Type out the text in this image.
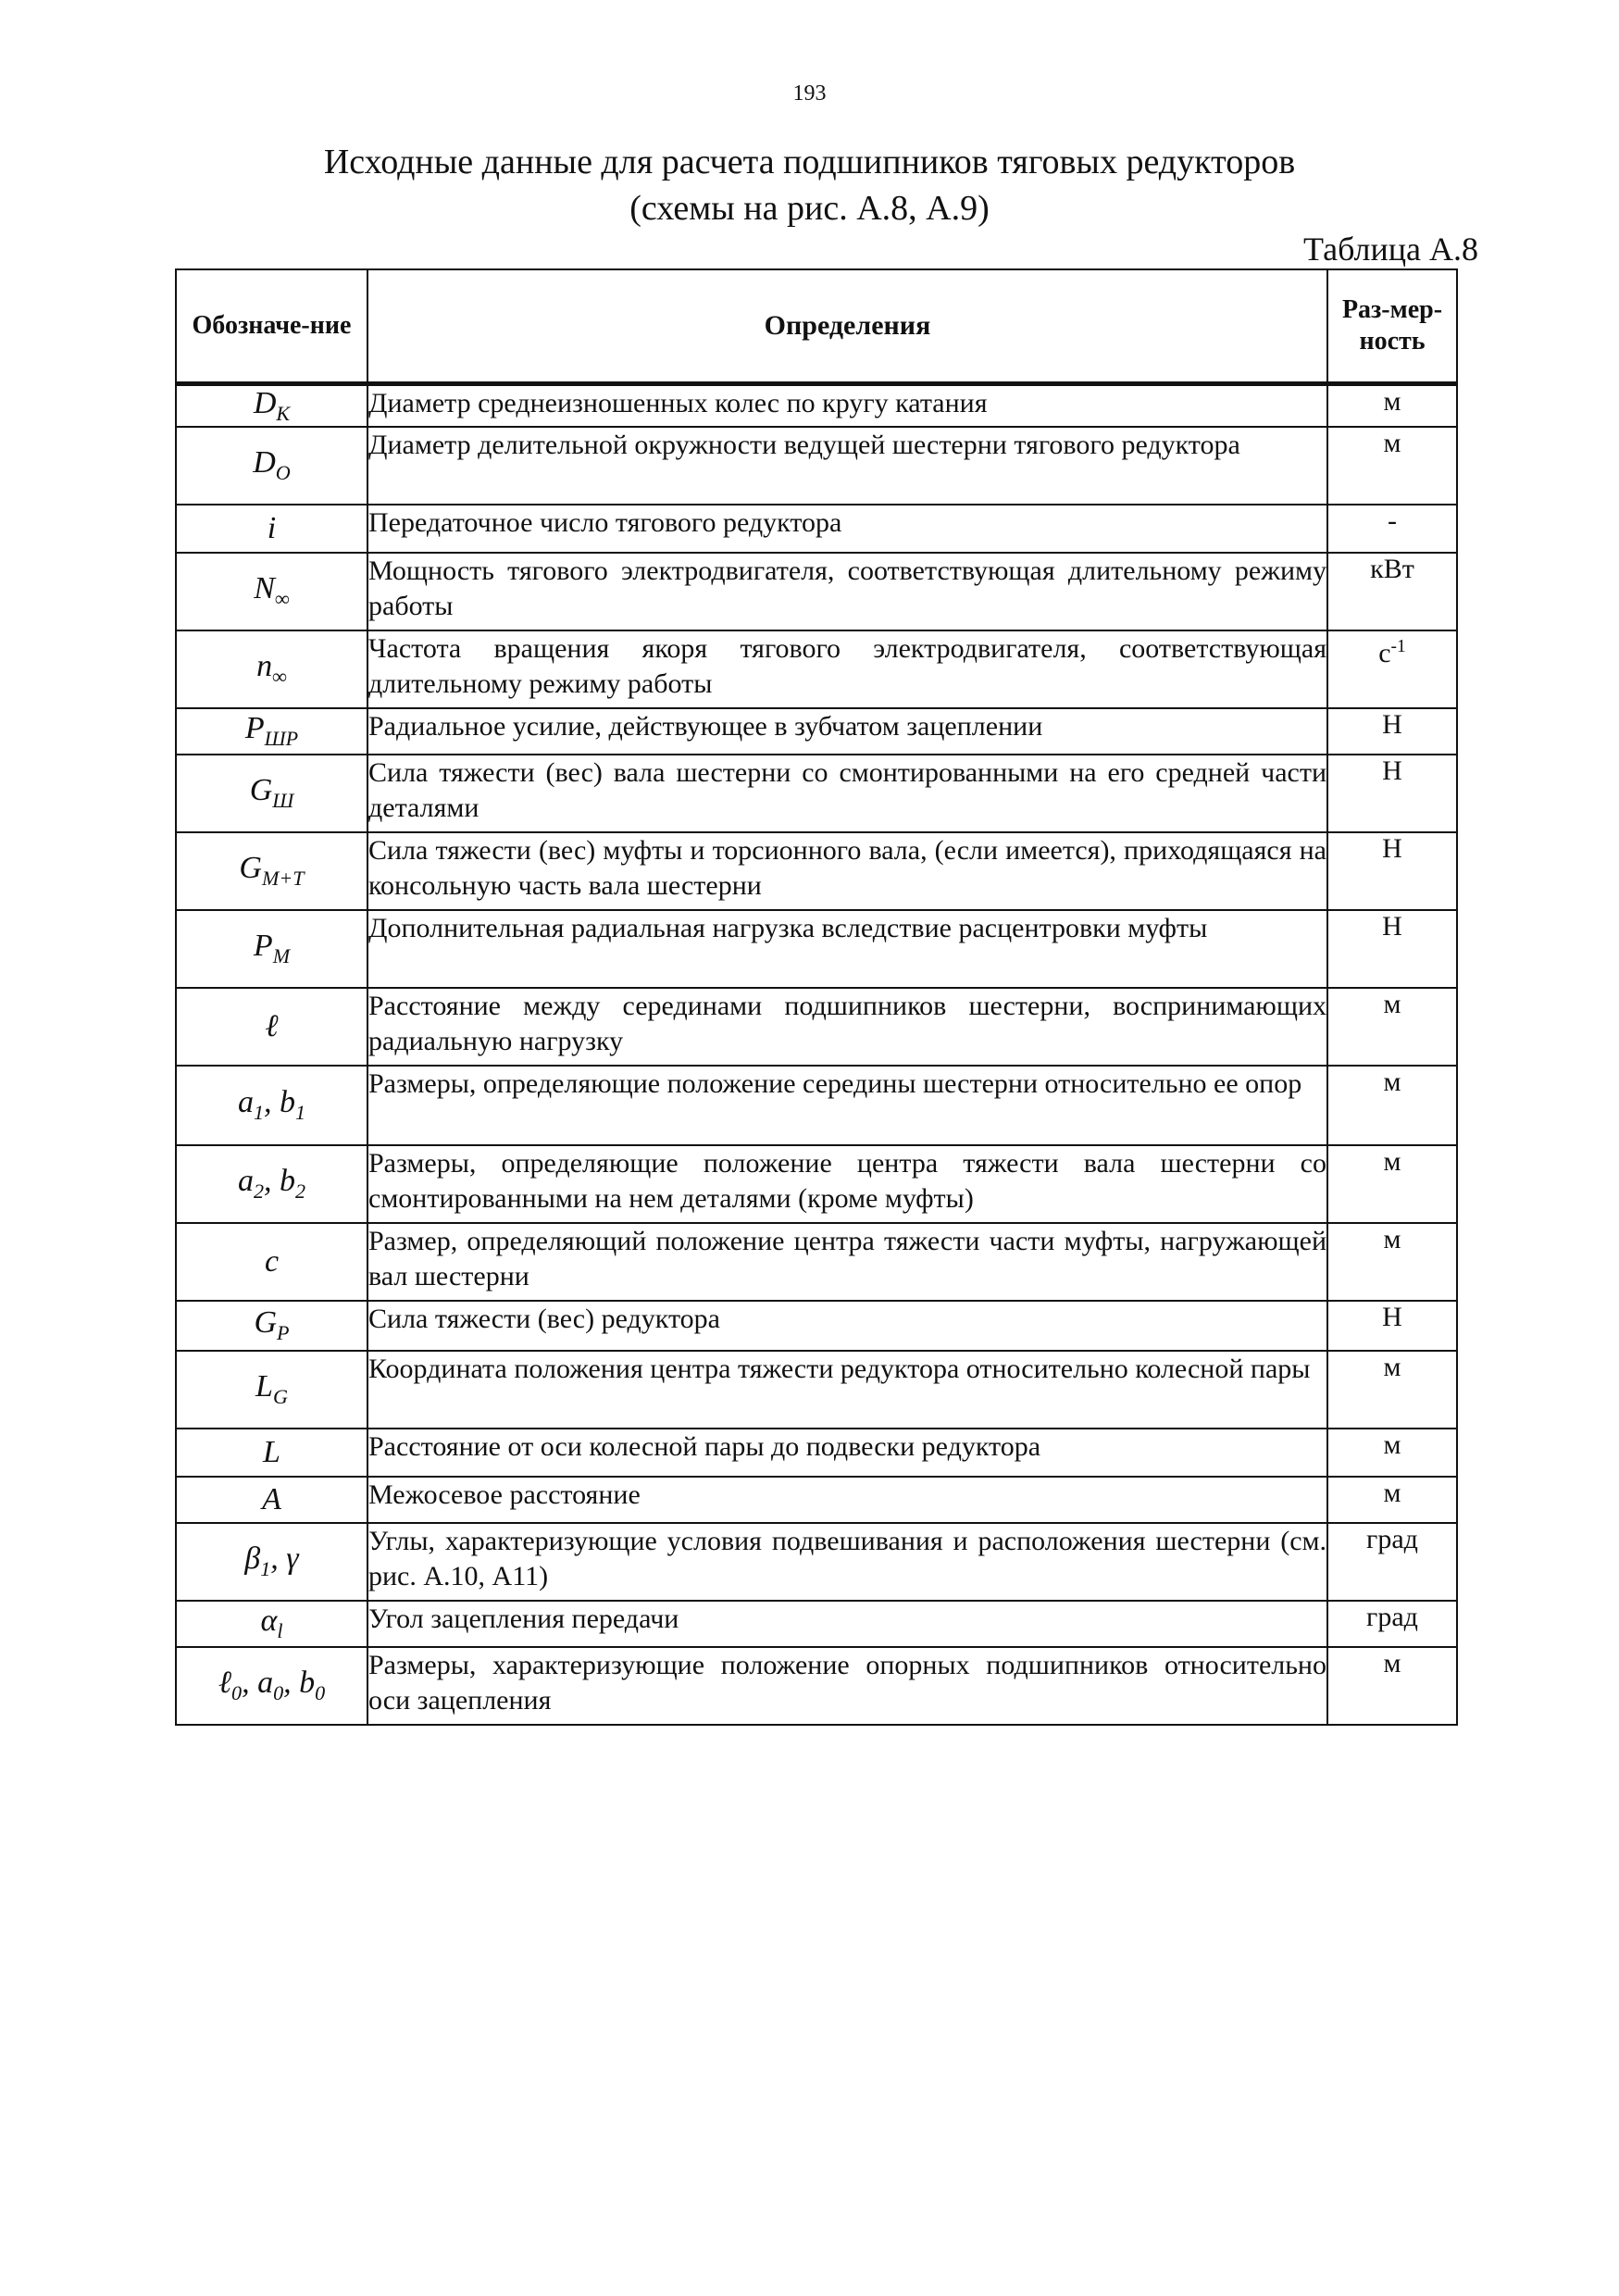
193
Исходные данные для расчета подшипников тяговых редукторов
(схемы на рис. А.8, А.9)
Таблица А.8
Обозначе-ние	Определения	Раз-мер-ность
$D_K$	Диаметр среднеизношенных колес по кругу катания	м
$D_O$	Диаметр делительной окружности ведущей шестерни тягового редуктора	м
i	Передаточное число тягового редуктора	-
$N_\infty$	Мощность тягового электродвигателя, соответствующая длительному режиму работы	кВт
$n_\infty$	Частота вращения якоря тягового электродвигателя, соответствующая длительному режиму работы	$с^{-1}$
$P_{ШР}$	Радиальное усилие, действующее в зубчатом зацеплении	Н
$G_Ш$	Сила тяжести (вес) вала шестерни со смонтированными на его средней части деталями	Н
$G_{М+Т}$	Сила тяжести (вес) муфты и торсионного вала, (если имеется), приходящаяся на консольную часть вала шестерни	Н
$P_М$	Дополнительная радиальная нагрузка вследствие расцентровки муфты	Н
ℓ	Расстояние между серединами подшипников шестерни, воспринимающих радиальную нагрузку	м
$a_1$, $b_1$	Размеры, определяющие положение середины шестерни относительно ее опор	м
$a_2$, $b_2$	Размеры, определяющие положение центра тяжести вала шестерни со смонтированными на нем деталями (кроме муфты)	м
c	Размер, определяющий положение центра тяжести части муфты, нагружающей вал шестерни	м
$G_P$	Сила тяжести (вес) редуктора	Н
$L_G$	Координата положения центра тяжести редуктора относительно колесной пары	м
L	Расстояние от оси колесной пары до подвески редуктора	м
A	Межосевое расстояние	м
$\beta_1$, γ	Углы, характеризующие условия подвешивания и расположения шестерни (см. рис. А.10, А11)	град
$\alpha_l$	Угол зацепления передачи	град
ℓ$_0$, $a_0$, $b_0$	Размеры, характеризующие положение опорных подшипников относительно оси зацепления	м
